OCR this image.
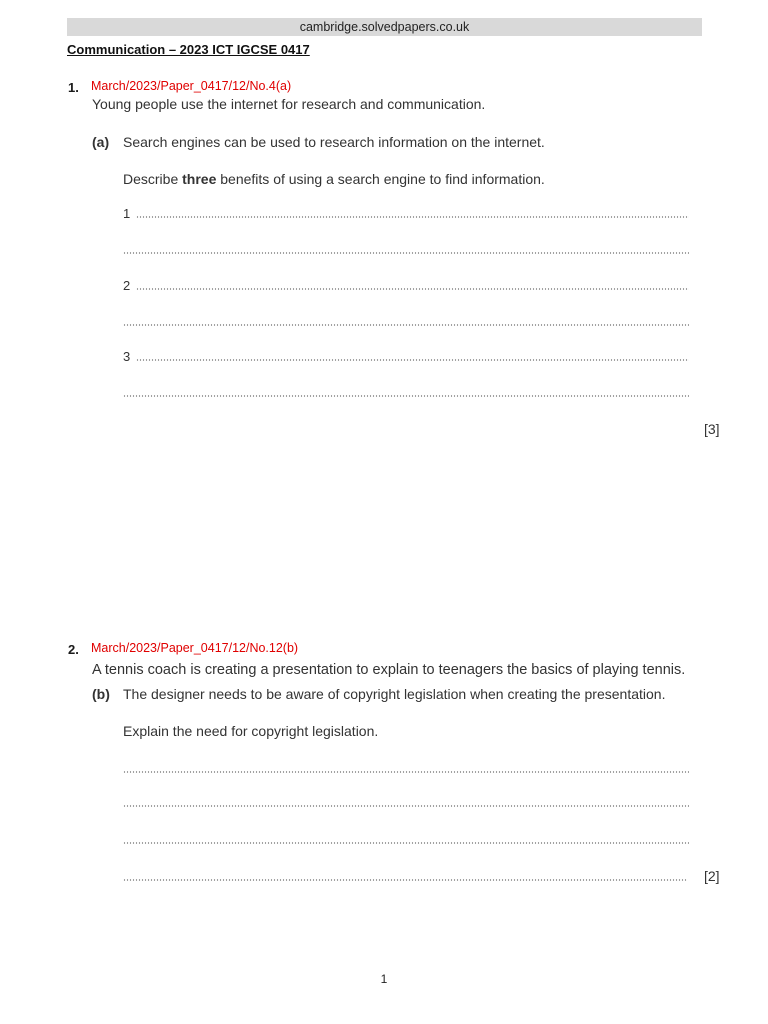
cambridge.solvedpapers.co.uk
Communication – 2023 ICT IGCSE 0417
1. March/2023/Paper_0417/12/No.4(a)
Young people use the internet for research and communication.
(a) Search engines can be used to research information on the internet.
Describe three benefits of using a search engine to find information.
1
2
3
[3]
2. March/2023/Paper_0417/12/No.12(b)
A tennis coach is creating a presentation to explain to teenagers the basics of playing tennis.
(b) The designer needs to be aware of copyright legislation when creating the presentation.
Explain the need for copyright legislation.
[2]
1
